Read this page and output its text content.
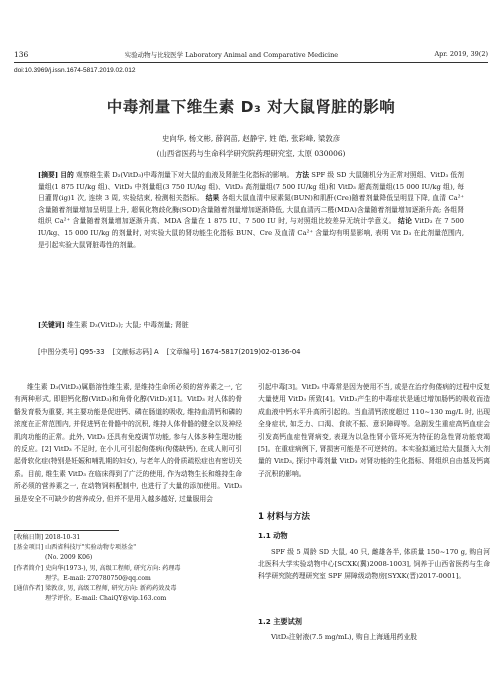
136	实验动物与比较医学 Laboratory Animal and Comparative Medicine	Apr. 2019, 39(2)
doi:10.3969/j.issn.1674-5817.2019.02.012
中毒剂量下维生素 D₃ 对大鼠肾脏的影响
史向华, 杨文彬, 薛润苗, 赵静宇, 姓 皓, 张彩峰, 梁敦彦
(山西省医药与生命科学研究院药理研究室, 太原 030006)
[摘要] 目的 观察维生素 D₃(VitD₃)中毒剂量下对大鼠的血液及肾脏生化指标的影响。 方法 SPF 级 SD 大鼠随机分为正常对照组、VitD₃ 低剂量组(1 875 IU/kg 组)、VitD₃ 中剂量组(3 750 IU/kg 组)、VitD₃ 高剂量组(7 500 IU/kg 组)和 VitD₃ 超高剂量组(15 000 IU/kg 组), 每日灌胃(ig)1 次, 连续 3 周, 实验结束, 检测相关指标。 结果 各组大鼠血清中尿素氮(BUN)和肌酐(Cre)随着剂量降低呈明显下降, 血清 Ca²⁺ 含量随着剂量增加呈明显上升, 超氧化物歧化酶(SOD)含量随着剂量增加逐渐降低, 大鼠血清丙二醛(MDA)含量随着剂量增加逐渐升高; 各组肾组织 Ca²⁺ 含量随着剂量增加逐渐升高、MDA 含量在 1 875 IU、7 500 IU 时, 与对照组比较差异无统计学意义。 结论 VitD₃ 在 7 500 IU/kg、15 000 IU/kg 的剂量时, 对实验大鼠的肾功能生化指标 BUN、Cre 及血清 Ca²⁺ 含量均有明显影响, 表明 Vit D₃ 在此剂量范围内, 是引起实验大鼠肾脏毒性的剂量。
[关键词] 维生素 D₃(VitD₃); 大鼠; 中毒剂量; 肾脏
[中图分类号] Q95-33 [文献标志码] A [文章编号] 1674-5817(2019)02-0136-04

维生素 D₃(VitD₃)属脂溶性维生素, 是维持生命所必须的营养素之一, 它有两种形式, 即胆钙化醇(VitD₃)和角骨化醇(VitD₂)[1]。VitD₃ 对人体的骨骼发育极为重要, 其主要功能是促进钙、磷在肠道的吸收, 维持血清钙和磷的浓度在正常范围内, 并促进钙在骨骼中的沉积, 维持人体骨骼的健全以及神经肌肉功能的正常。此外, VitD₃ 还具有免疫调节功能, 参与人体多种生理功能的反应。[2] VitD₃ 不足时, 在小儿可引起佝偻病(佝偻缺钙), 在成人则可引起骨软化症(特别是妊娠和哺乳期的妇女), 与老年人的骨质疏松症也有密切关系。目前, 维生素 VitD₃ 在临床得到了广泛的使用, 作为动物生长和维持生命所必须的营养素之一, 在动物饲料配制中, 也进行了大量的添加使用。VitD₃ 虽是安全不可缺少的营养成分, 但并不是用入越多越好, 过量服用会

[收稿日期] 2018-10-31
[基金项目] 山西省科技厅"实验动物专项基金"
(No. 2009 K06)
[作者简介] 史向华(1973-), 男, 高级工程师, 研究方向: 药理毒
理学。E-mail: 270780750@qq.com
[通信作者] 梁敦彦, 男, 高级工程师, 研究方向: 新药药效及毒
理学评价。E-mail: ChaiQY@vip.163.com

引起中毒[3]。VitD₃ 中毒常是因为使用不当, 或是在治疗佝偻病的过程中反复大量使用 VitD₃ 所致[4]。VitD₃产生的中毒症状是通过增加肠钙的吸收而造成血液中钙水平升高所引起的。当血清钙浓度超过 110~130 mg/L 时, 出现全身症状, 如乏力、口渴、食欲不振、意识障碍等。急剧发生重症高钙血症会引发高钙血症性肾病变, 表现为以急性肾小管坏死为特征的急性肾功能衰竭[5]。在重症病例下, 肾损害可能是不可逆转的。本实验拟通过给大鼠摄入大剂量的 VitD₃, 探讨中毒剂量 VitD₃ 对肾功能的生化指标、肾组织自由基及钙离子沉积的影响。

1 材料与方法
1.1 动物

SPF 级 5 周龄 SD 大鼠, 40 只, 雌雄各半, 体质量 150~170 g, 购自河北医科大学实验动物中心[SCXK(冀)2008-1003], 饲养于山西省医药与生命科学研究院药理研究室 SPF 屏障级动物房[SYXK(晋)2017-0001]。

1.2 主要试剂

VitD₃注射液(7.5 mg/mL), 购自上海通用药业股
